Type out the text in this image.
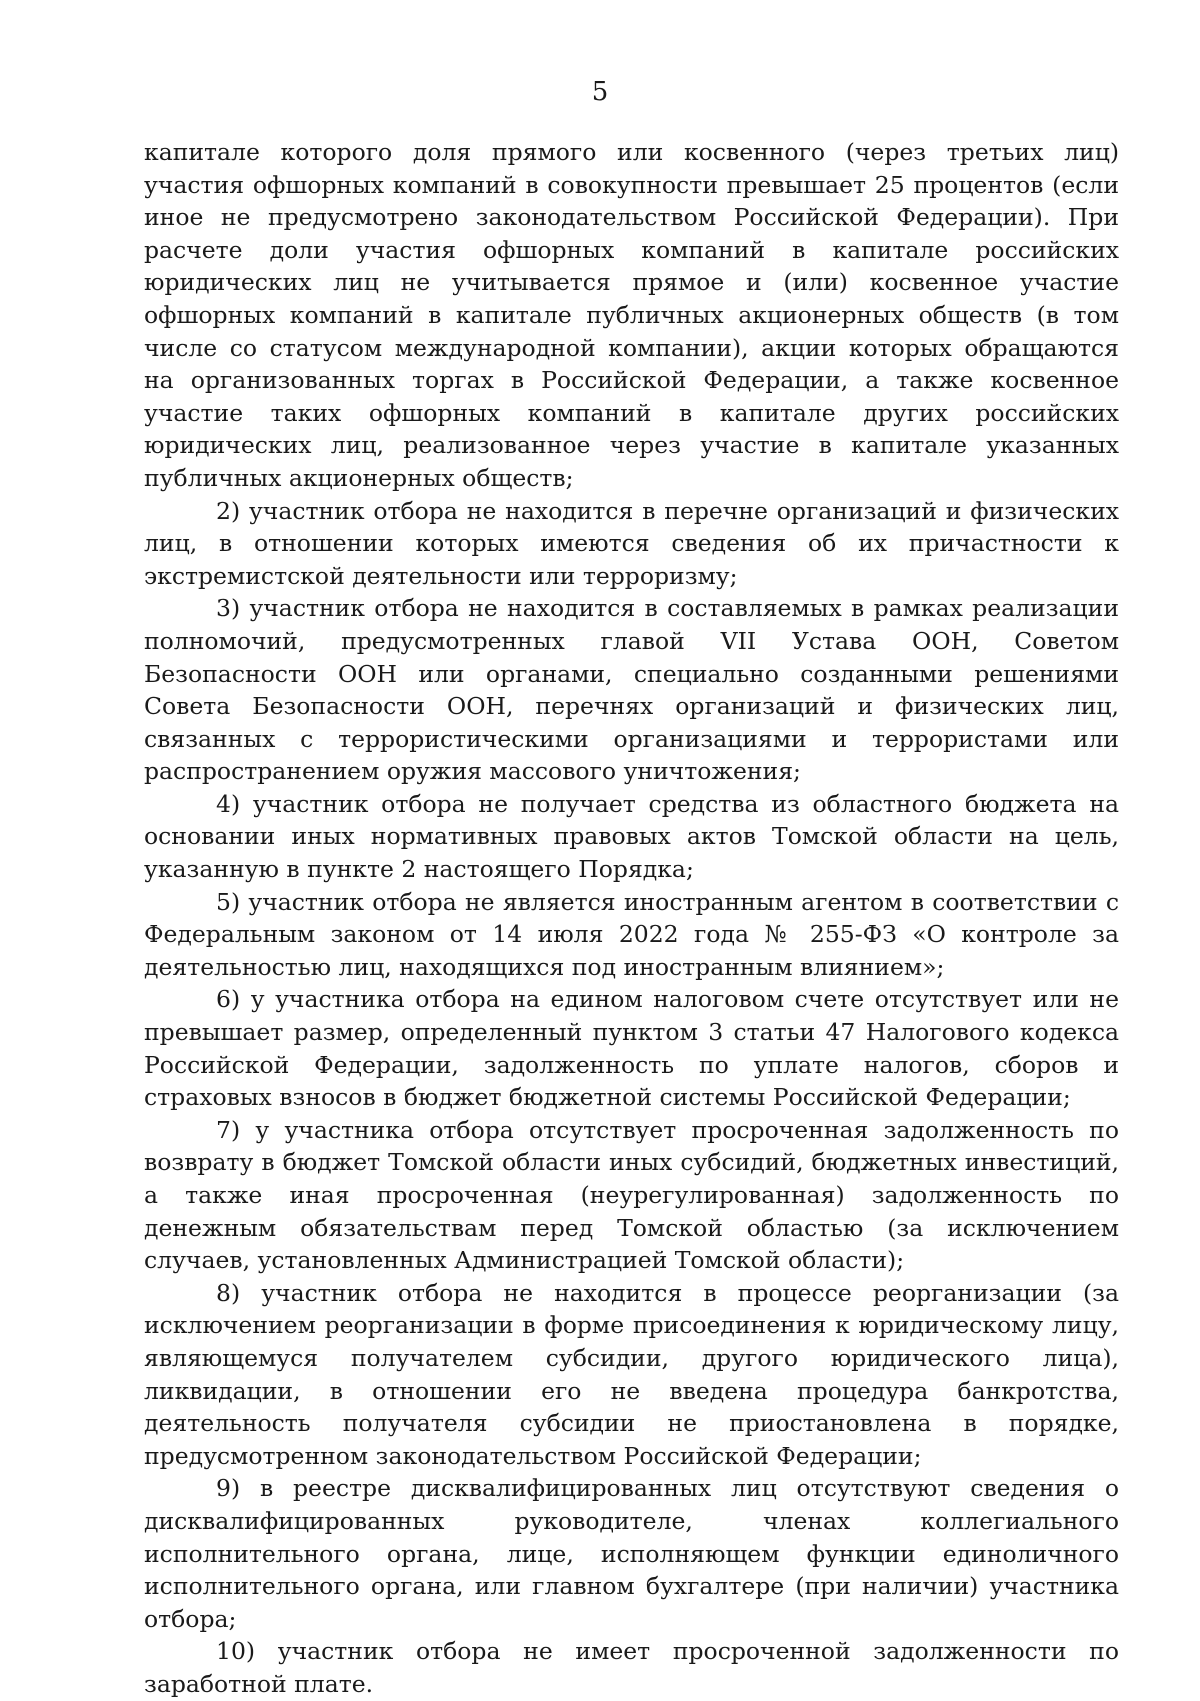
5

капитале которого доля прямого или косвенного (через третьих лиц) участия офшорных компаний в совокупности превышает 25 процентов (если иное не предусмотрено законодательством Российской Федерации). При расчете доли участия офшорных компаний в капитале российских юридических лиц не учитывается прямое и (или) косвенное участие офшорных компаний в капитале публичных акционерных обществ (в том числе со статусом международной компании), акции которых обращаются на организованных торгах в Российской Федерации, а также косвенное участие таких офшорных компаний в капитале других российских юридических лиц, реализованное через участие в капитале указанных публичных акционерных обществ;

2) участник отбора не находится в перечне организаций и физических лиц, в отношении которых имеются сведения об их причастности к экстремистской деятельности или терроризму;

3) участник отбора не находится в составляемых в рамках реализации полномочий, предусмотренных главой VII Устава ООН, Советом Безопасности ООН или органами, специально созданными решениями Совета Безопасности ООН, перечнях организаций и физических лиц, связанных с террористическими организациями и террористами или распространением оружия массового уничтожения;

4) участник отбора не получает средства из областного бюджета на основании иных нормативных правовых актов Томской области на цель, указанную в пункте 2 настоящего Порядка;

5) участник отбора не является иностранным агентом в соответствии с Федеральным законом от 14 июля 2022 года № 255-ФЗ «О контроле за деятельностью лиц, находящихся под иностранным влиянием»;

6) у участника отбора на едином налоговом счете отсутствует или не превышает размер, определенный пунктом 3 статьи 47 Налогового кодекса Российской Федерации, задолженность по уплате налогов, сборов и страховых взносов в бюджет бюджетной системы Российской Федерации;

7) у участника отбора отсутствует просроченная задолженность по возврату в бюджет Томской области иных субсидий, бюджетных инвестиций, а также иная просроченная (неурегулированная) задолженность по денежным обязательствам перед Томской областью (за исключением случаев, установленных Администрацией Томской области);

8) участник отбора не находится в процессе реорганизации (за исключением реорганизации в форме присоединения к юридическому лицу, являющемуся получателем субсидии, другого юридического лица), ликвидации, в отношении его не введена процедура банкротства, деятельность получателя субсидии не приостановлена в порядке, предусмотренном законодательством Российской Федерации;

9) в реестре дисквалифицированных лиц отсутствуют сведения о дисквалифицированных руководителе, членах коллегиального исполнительного органа, лице, исполняющем функции единоличного исполнительного органа, или главном бухгалтере (при наличии) участника отбора;

10) участник отбора не имеет просроченной задолженности по заработной плате.
